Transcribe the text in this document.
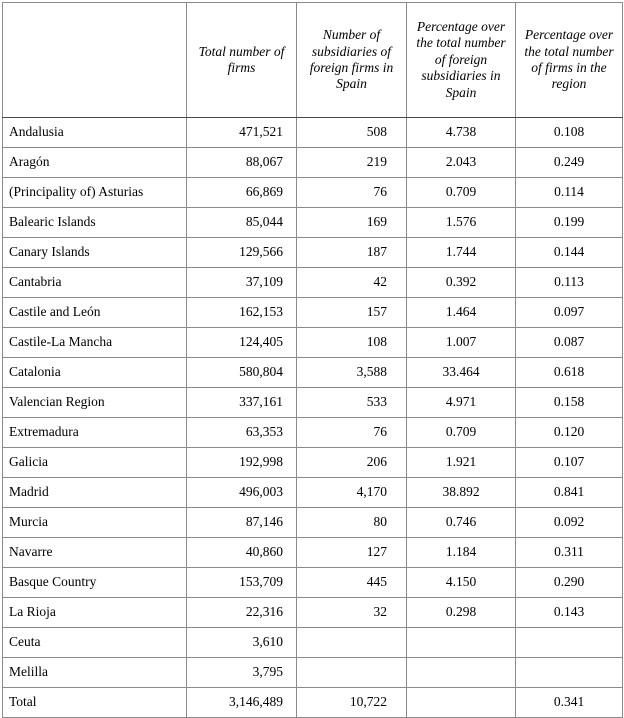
	Total number of firms	Number of subsidiaries of foreign firms in Spain	Percentage over the total number of foreign subsidiaries in Spain	Percentage over the total number of firms in the region
Andalusia	471,521	508	4.738	0.108
Aragón	88,067	219	2.043	0.249
(Principality of) Asturias	66,869	76	0.709	0.114
Balearic Islands	85,044	169	1.576	0.199
Canary Islands	129,566	187	1.744	0.144
Cantabria	37,109	42	0.392	0.113
Castile and León	162,153	157	1.464	0.097
Castile-La Mancha	124,405	108	1.007	0.087
Catalonia	580,804	3,588	33.464	0.618
Valencian Region	337,161	533	4.971	0.158
Extremadura	63,353	76	0.709	0.120
Galicia	192,998	206	1.921	0.107
Madrid	496,003	4,170	38.892	0.841
Murcia	87,146	80	0.746	0.092
Navarre	40,860	127	1.184	0.311
Basque Country	153,709	445	4.150	0.290
La Rioja	22,316	32	0.298	0.143
Ceuta	3,610			
Melilla	3,795			
Total	3,146,489	10,722		0.341
